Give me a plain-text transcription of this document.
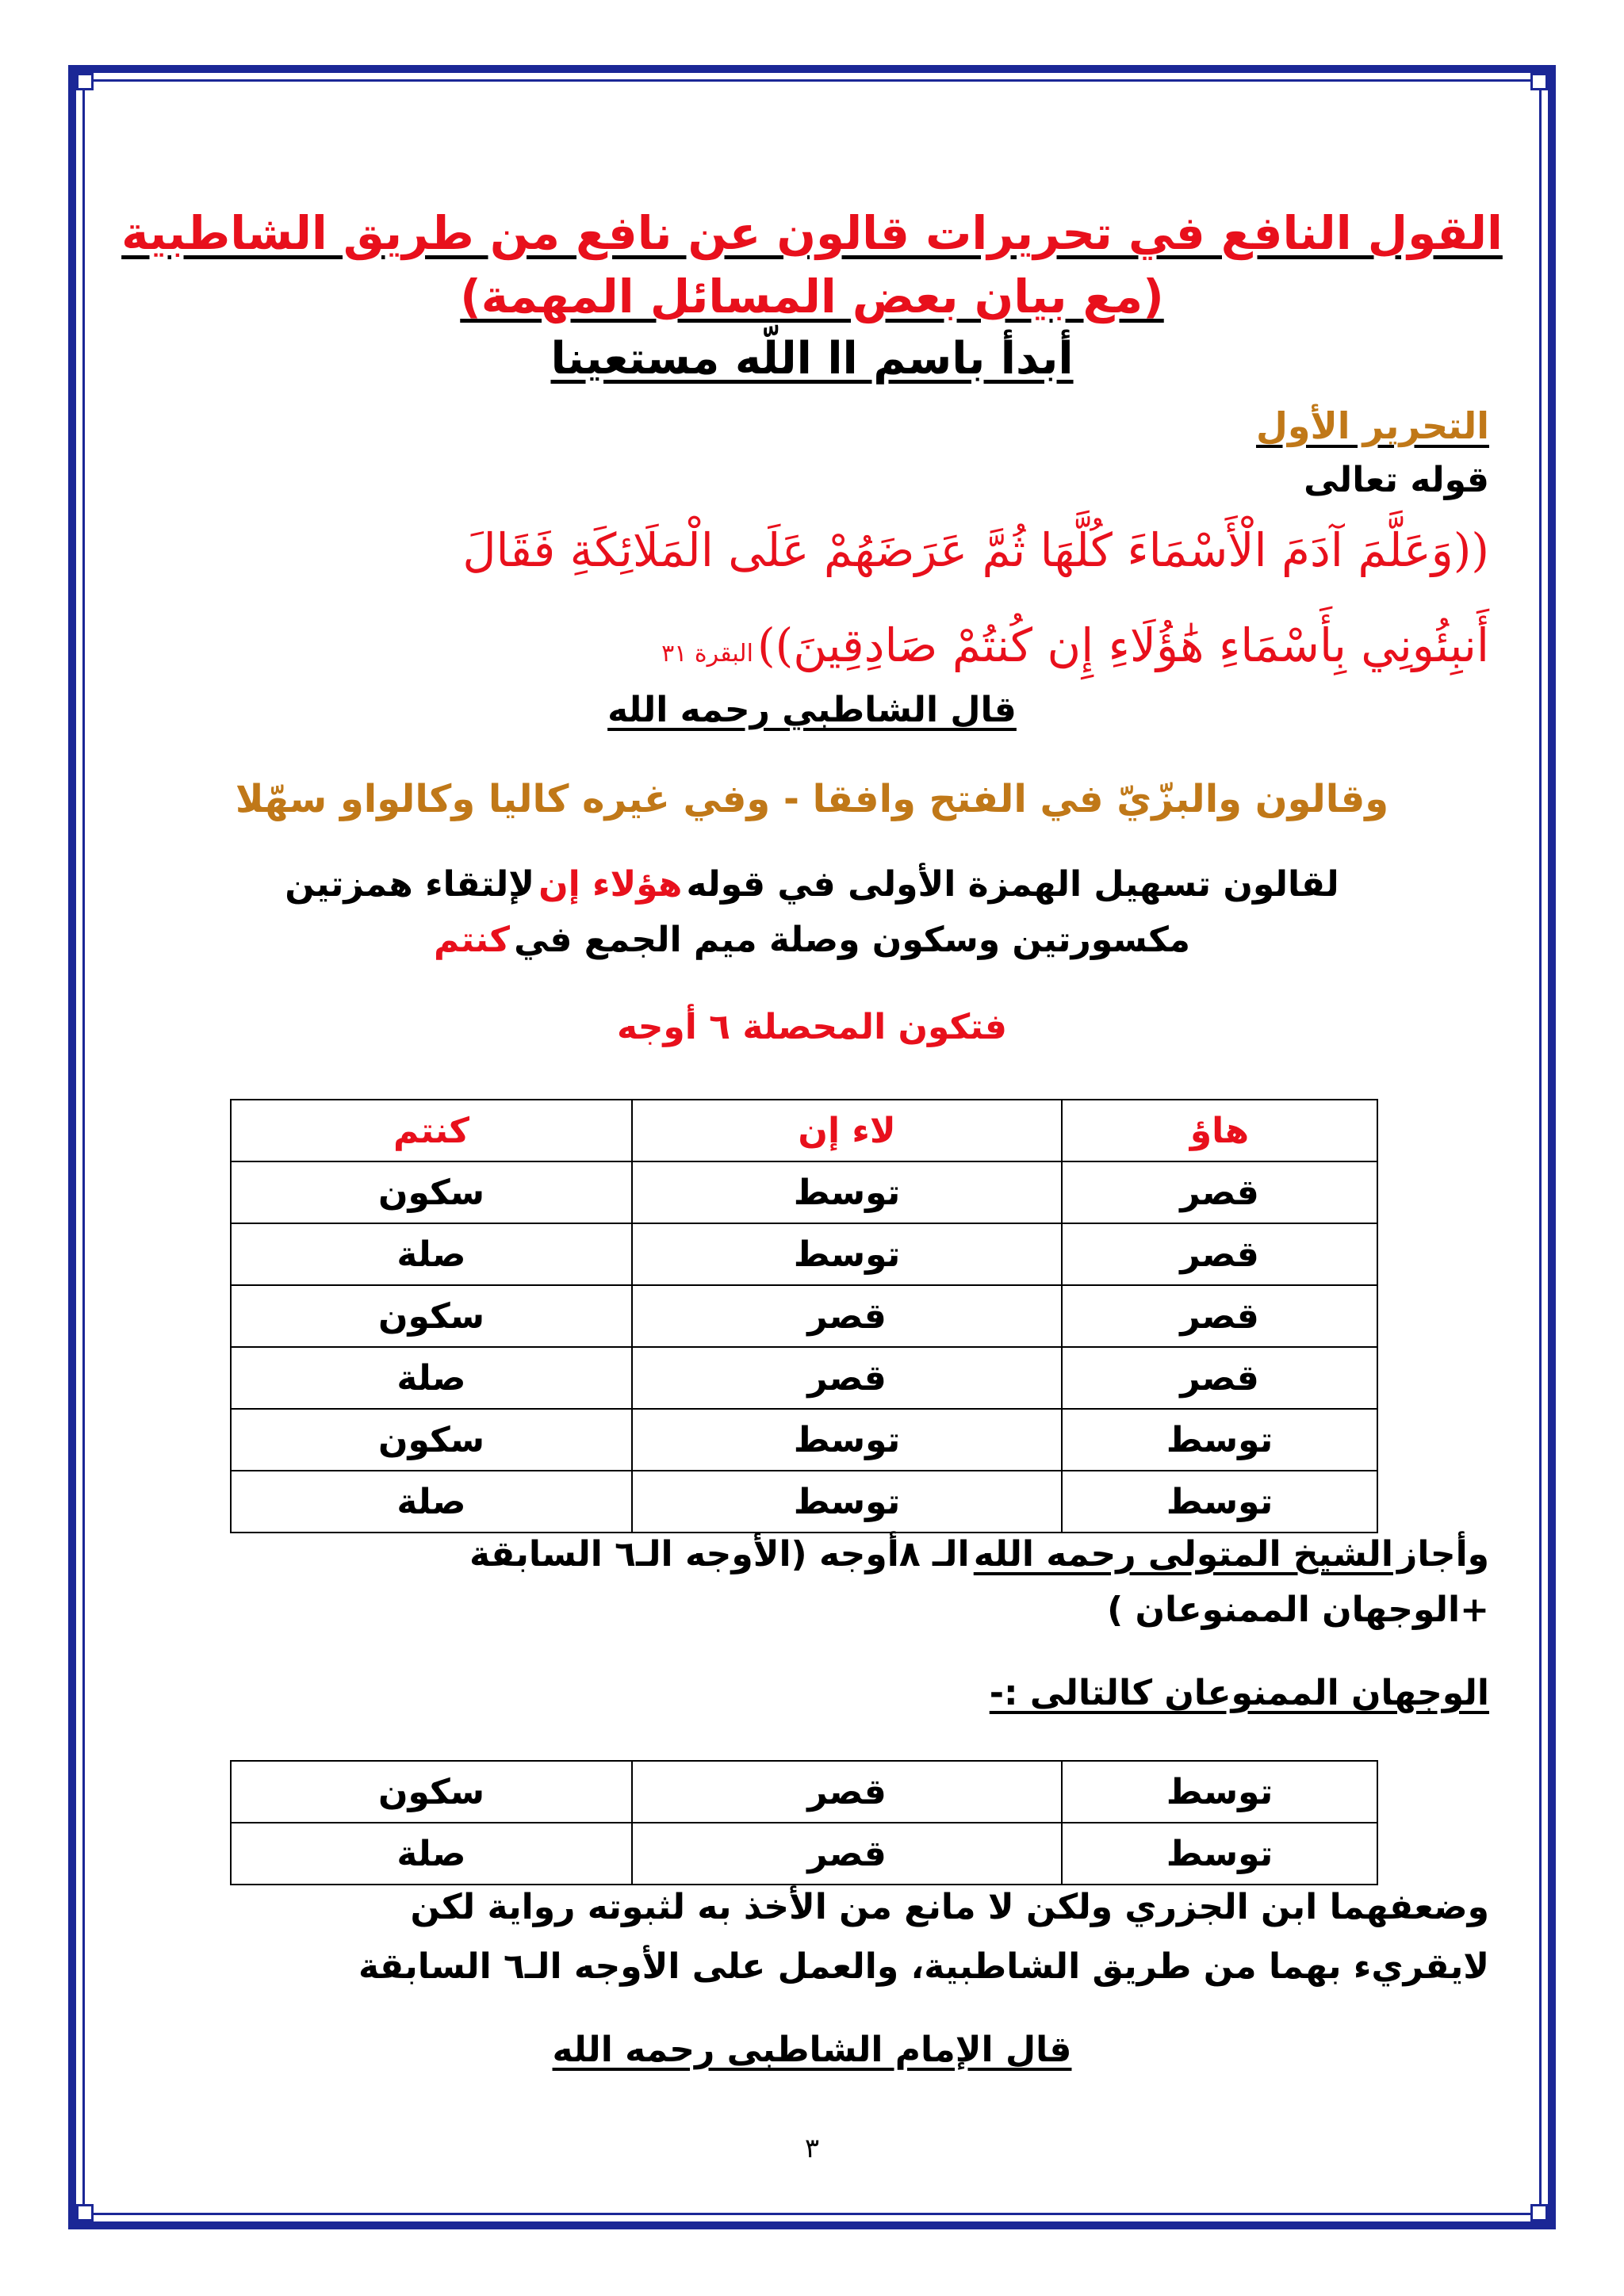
القول النافع في تحريرات قالون عن نافع من طريق الشاطبية
(مع بيان بعض المسائل المهمة)
أبدأ باسم اا اللّه مستعينا
التحرير الأول
قوله تعالى
((وَعَلَّمَ آدَمَ الْأَسْمَاءَ كُلَّهَا ثُمَّ عَرَضَهُمْ عَلَى الْمَلَائِكَةِ فَقَالَ
أَنبِئُونِي بِأَسْمَاءِ هَٰؤُلَاءِ إِن كُنتُمْ صَادِقِينَ)) البقرة ٣١
قال الشاطبي رحمه الله
وقالون والبزّيّ في الفتح وافقا - وفي غيره كاليا وكالواو سهّلا
لقالون تسهيل الهمزة الأولى في قوله هؤلاء إن لإلتقاء همزتين
مكسورتين وسكون وصلة ميم الجمع في كنتم
فتكون المحصلة ٦ أوجه
هاؤ	لاء إن	كنتم
قصر	توسط	سكون
قصر	توسط	صلة
قصر	قصر	سكون
قصر	قصر	صلة
توسط	توسط	سكون
توسط	توسط	صلة
وأجاز الشيخ المتولى رحمه الله الـ ٨أوجه (الأوجه الـ٦ السابقة
+الوجهان الممنوعان )
الوجهان الممنوعان كالتالى :-
توسط	قصر	سكون
توسط	قصر	صلة
وضعفهما ابن الجزري ولكن لا مانع من الأخذ به لثبوته رواية لكن
لايقريء بهما من طريق الشاطبية، والعمل على الأوجه الـ٦ السابقة
قال الإمام الشاطبى رحمه الله
٣
